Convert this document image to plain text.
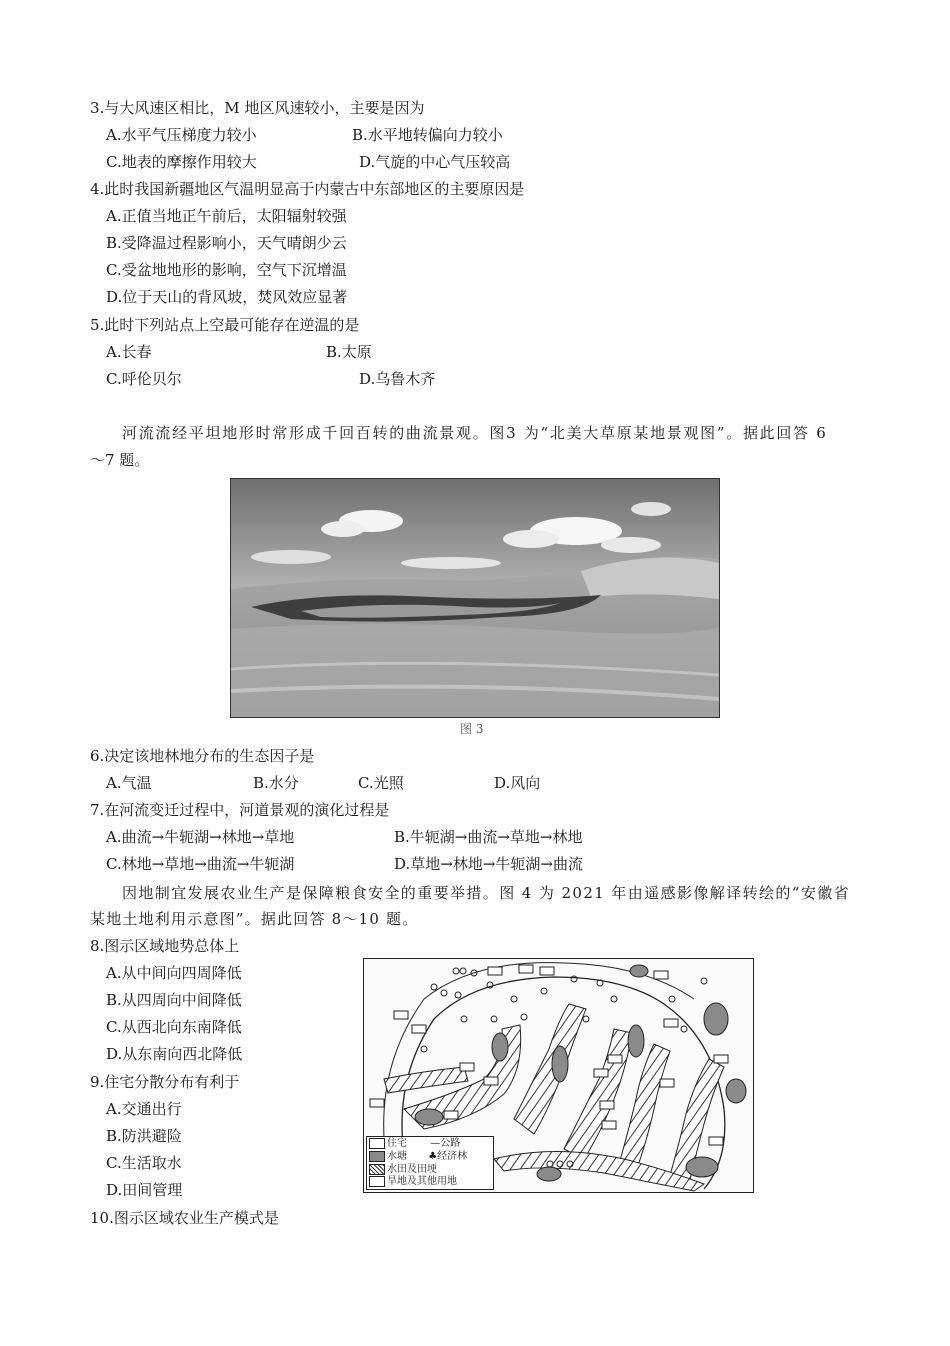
3.与大风速区相比，M 地区风速较小，主要是因为
A.水平气压梯度力较小	B.水平地转偏向力较小
C.地表的摩擦作用较大	D.气旋的中心气压较高
4.此时我国新疆地区气温明显高于内蒙古中东部地区的主要原因是
A.正值当地正午前后，太阳辐射较强
B.受降温过程影响小，天气晴朗少云
C.受盆地地形的影响，空气下沉增温
D.位于天山的背风坡，焚风效应显著
5.此时下列站点上空最可能存在逆温的是
A.长春	B.太原
C.呼伦贝尔	D.乌鲁木齐
河流流经平坦地形时常形成千回百转的曲流景观。图3 为“北美大草原某地景观图”。据此回答 6
～7 题。
图 3
6.决定该地林地分布的生态因子是
A.气温	B.水分	C.光照	D.风向
7.在河流变迁过程中，河道景观的演化过程是
A.曲流→牛轭湖→林地→草地	B.牛轭湖→曲流→草地→林地
C.林地→草地→曲流→牛轭湖	D.草地→林地→牛轭湖→曲流
因地制宜发展农业生产是保障粮食安全的重要举措。图 4 为 2021 年由遥感影像解译转绘的“安徽省
某地土地利用示意图”。据此回答 8～10 题。
8.图示区域地势总体上
A.从中间向四周降低
B.从四周向中间降低
C.从西北向东南降低
D.从东南向西北降低
9.住宅分散分布有利于
A.交通出行
B.防洪避险
C.生活取水
D.田间管理
10.图示区域农业生产模式是
住宅 —公路
水塘 ♣经济林
水田及田埂
旱地及其他用地
